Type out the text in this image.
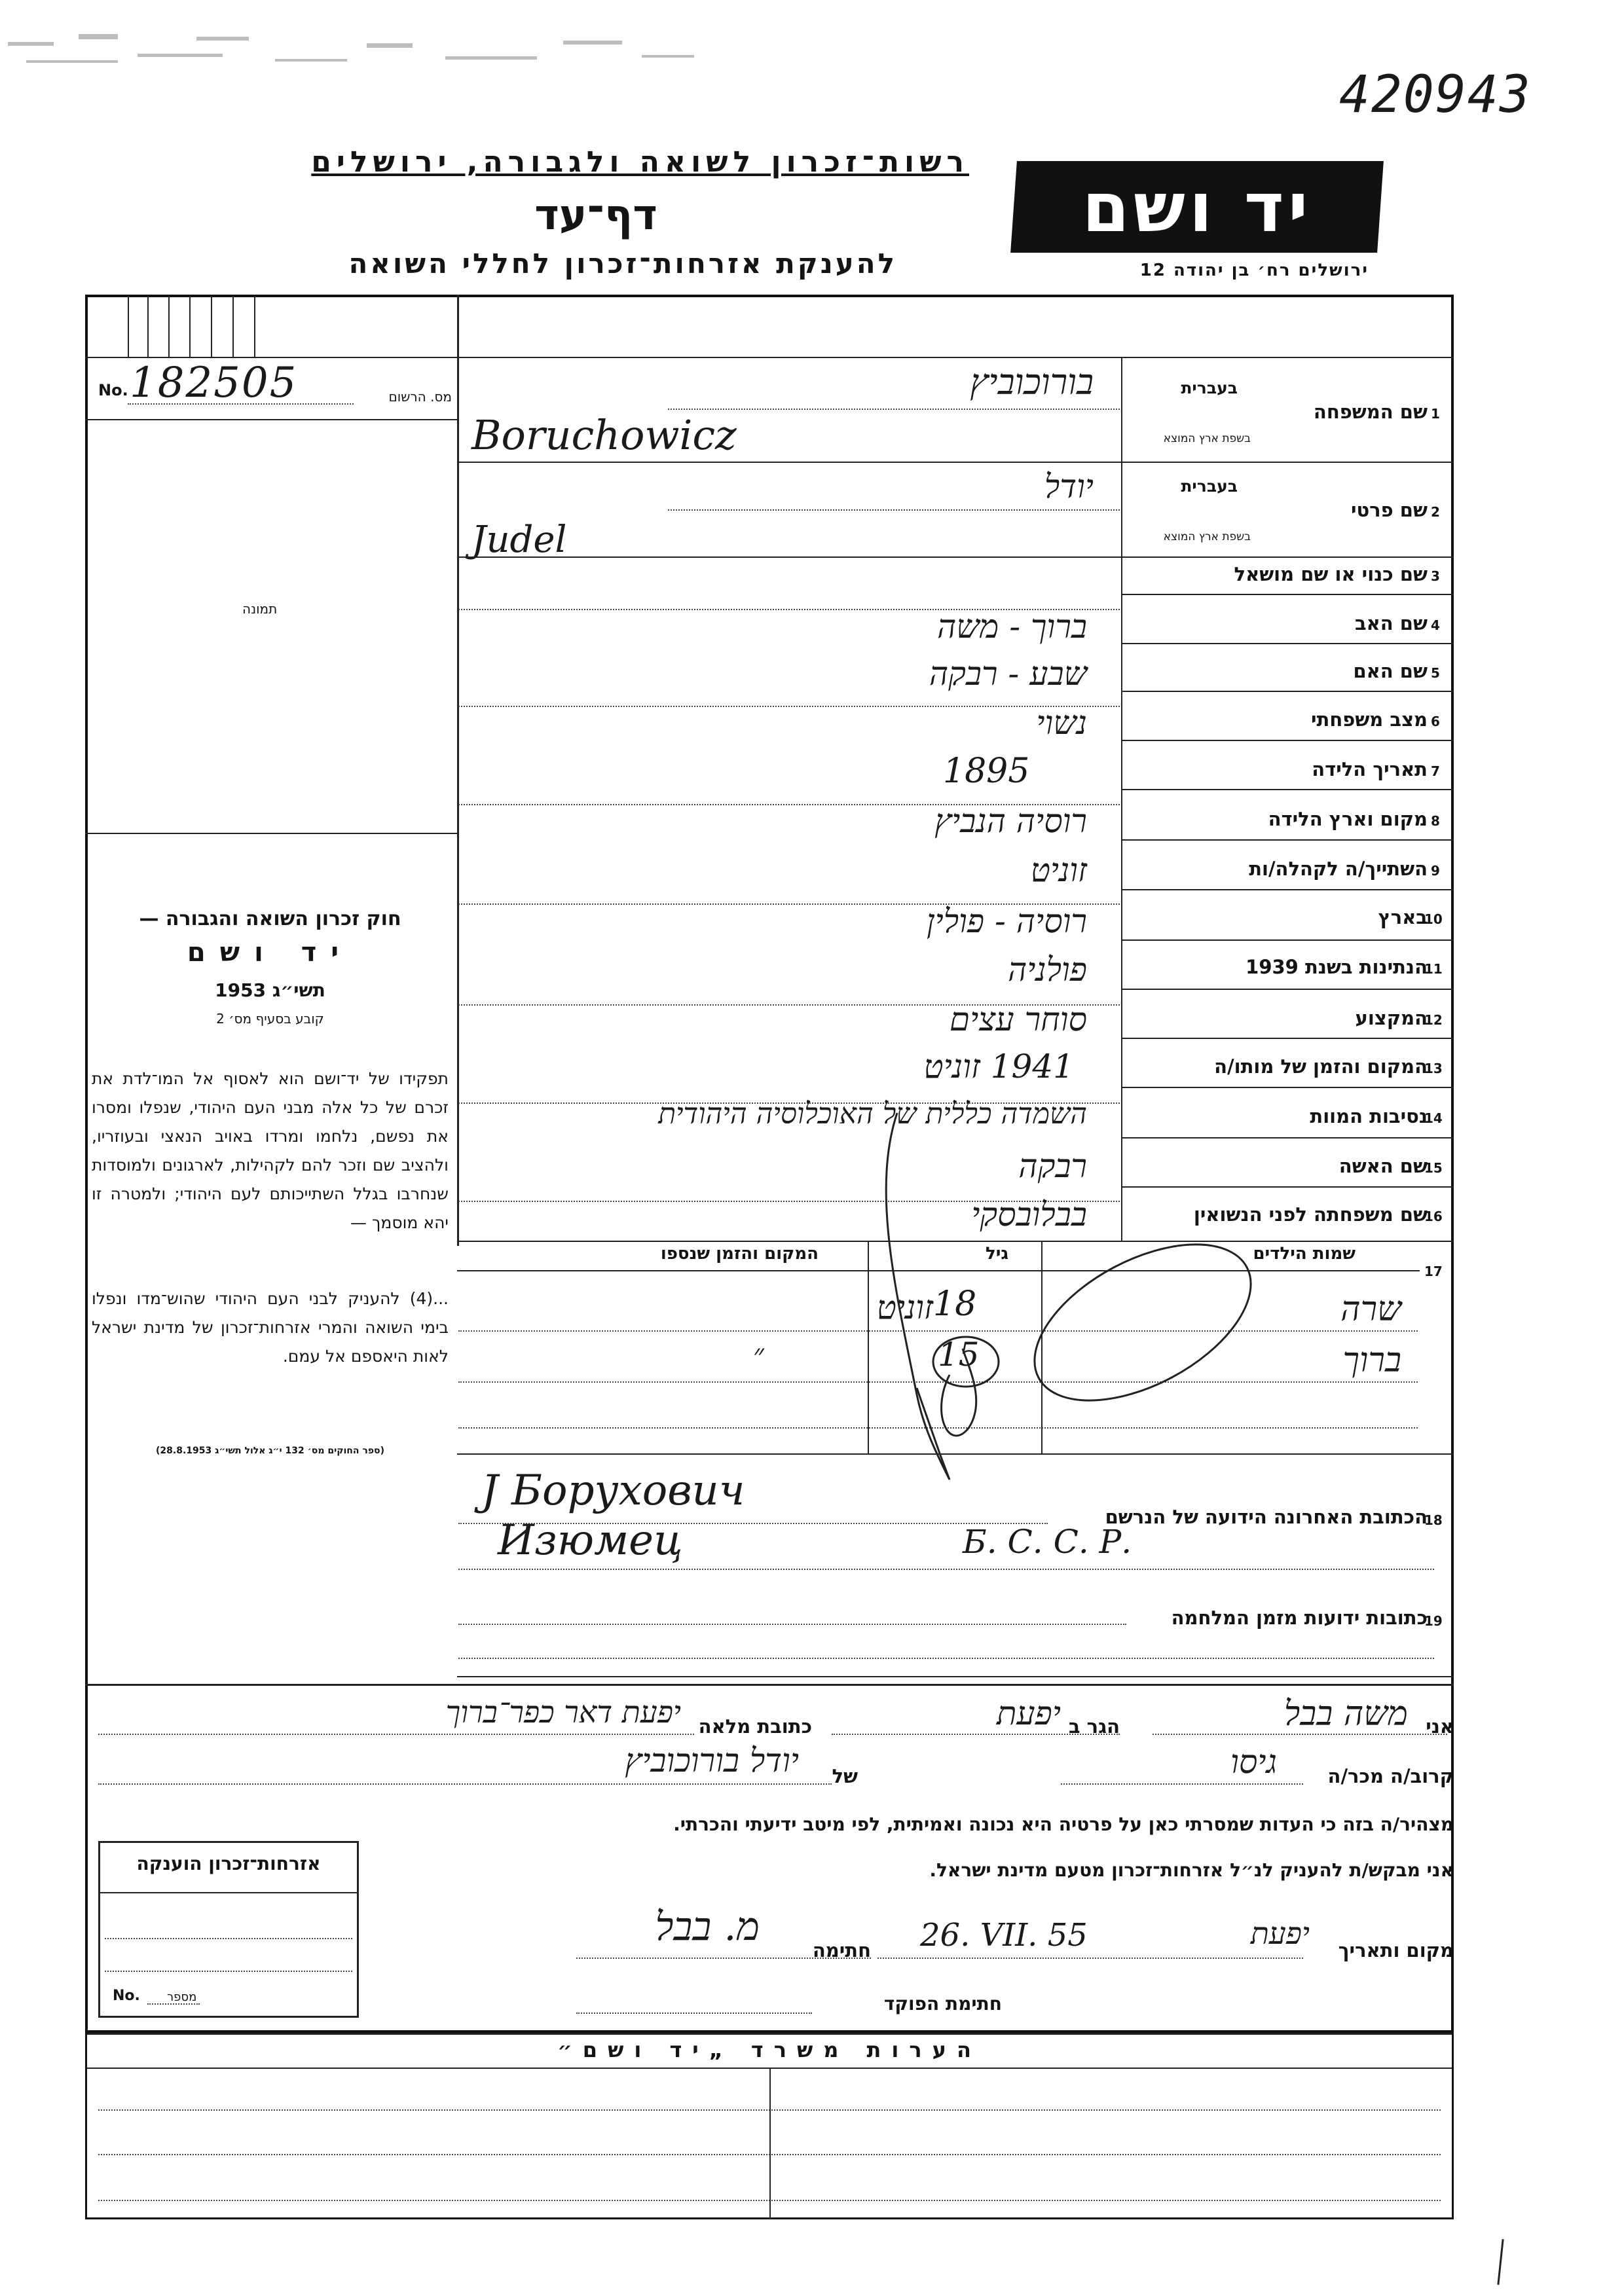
420943
רשות־זכרון לשואה ולגבורה, ירושלים
דף־עד
להענקת אזרחות־זכרון לחללי השואה
יד ושם
ירושלים רח׳ בן יהודה 12
No. 182505	מס. הרשום
תמונה
חוק זכרון השואה והגבורה —
יד ושם
תשי״ג 1953
קובע בסעיף מס׳ 2
תפקידו של יד־ושם הוא לאסוף אל המו־לדת את זכרם של כל אלה מבני העם היהודי, שנפלו ומסרו את נפשם, נלחמו ומרדו באויב הנאצי ובעוזריו, ולהציב שם וזכר להם לקהילות, לארגונים ולמוסדות שנחרבו בגלל השתייכותם לעם היהודי; ולמטרה זו יהא מוסמך —
...(4) להעניק לבני העם היהודי שהוש־מדו ונפלו בימי השואה והמרי אזרחות־זכרון של מדינת ישראל לאות היאספם אל עמם.
(ספר החוקים מס׳ 132 י״ג אלול תשי״ג 28.8.1953)
בעברית
שם המשפחה 1
בשפת ארץ המוצא
בורוכוביץ
Boruchowicz
בעברית
שם פרטי 2
בשפת ארץ המוצא
יודל
Judel
שם כנוי או שם מושאל 3
שם האב 4
ברוך - משה
שם האם 5
שבע - רבקה
מצב משפחתי 6
נשוי
תאריך הלידה 7
1895
מקום וארץ הלידה 8
רוסיה הנביץ
השתייך/ה לקהלה/ות 9
זוניט
בארץ
10
רוסיה - פולין
הנתינות בשנת 1939
11
פולניה
המקצוע
12
סוחר עצים
המקום והזמן של מותו/ה
13
1941 זוניט
נסיבות המוות
14
השמדה כללית של האוכלוסיה היהודית
שם האשה
15
רבקה
שם משפחתה לפני הנשואין
16
בבלובסקי
17
שמות הילדים
גיל
המקום והזמן שנספו
שרה
18
זוניט
ברוך
15
״
18
הכתובת האחרונה הידועה של הנרשם
J Борухович
Изюмец	Б. С. С. Р.
19
כתובות ידועות מזמן המלחמה
אני
משה בבל
הגר ב
יפעת
כתובת מלאה
יפעת דאר כפר־ברוך
קרוב/ה מכר/ה
גיסו
של
יודל בורוכוביץ
מצהיר/ה בזה כי העדות שמסרתי כאן על פרטיה היא נכונה ואמיתית, לפי מיטב ידיעתי והכרתי.
אני מבקש/ת להעניק לנ״ל אזרחות־זכרון מטעם מדינת ישראל.
מקום ותאריך
יפעת
26. VII. 55
חתימה
מ. בבל
חתימת הפוקד
אזרחות־זכרון הוענקה
No. מספר
הערות משרד „יד ושם״
